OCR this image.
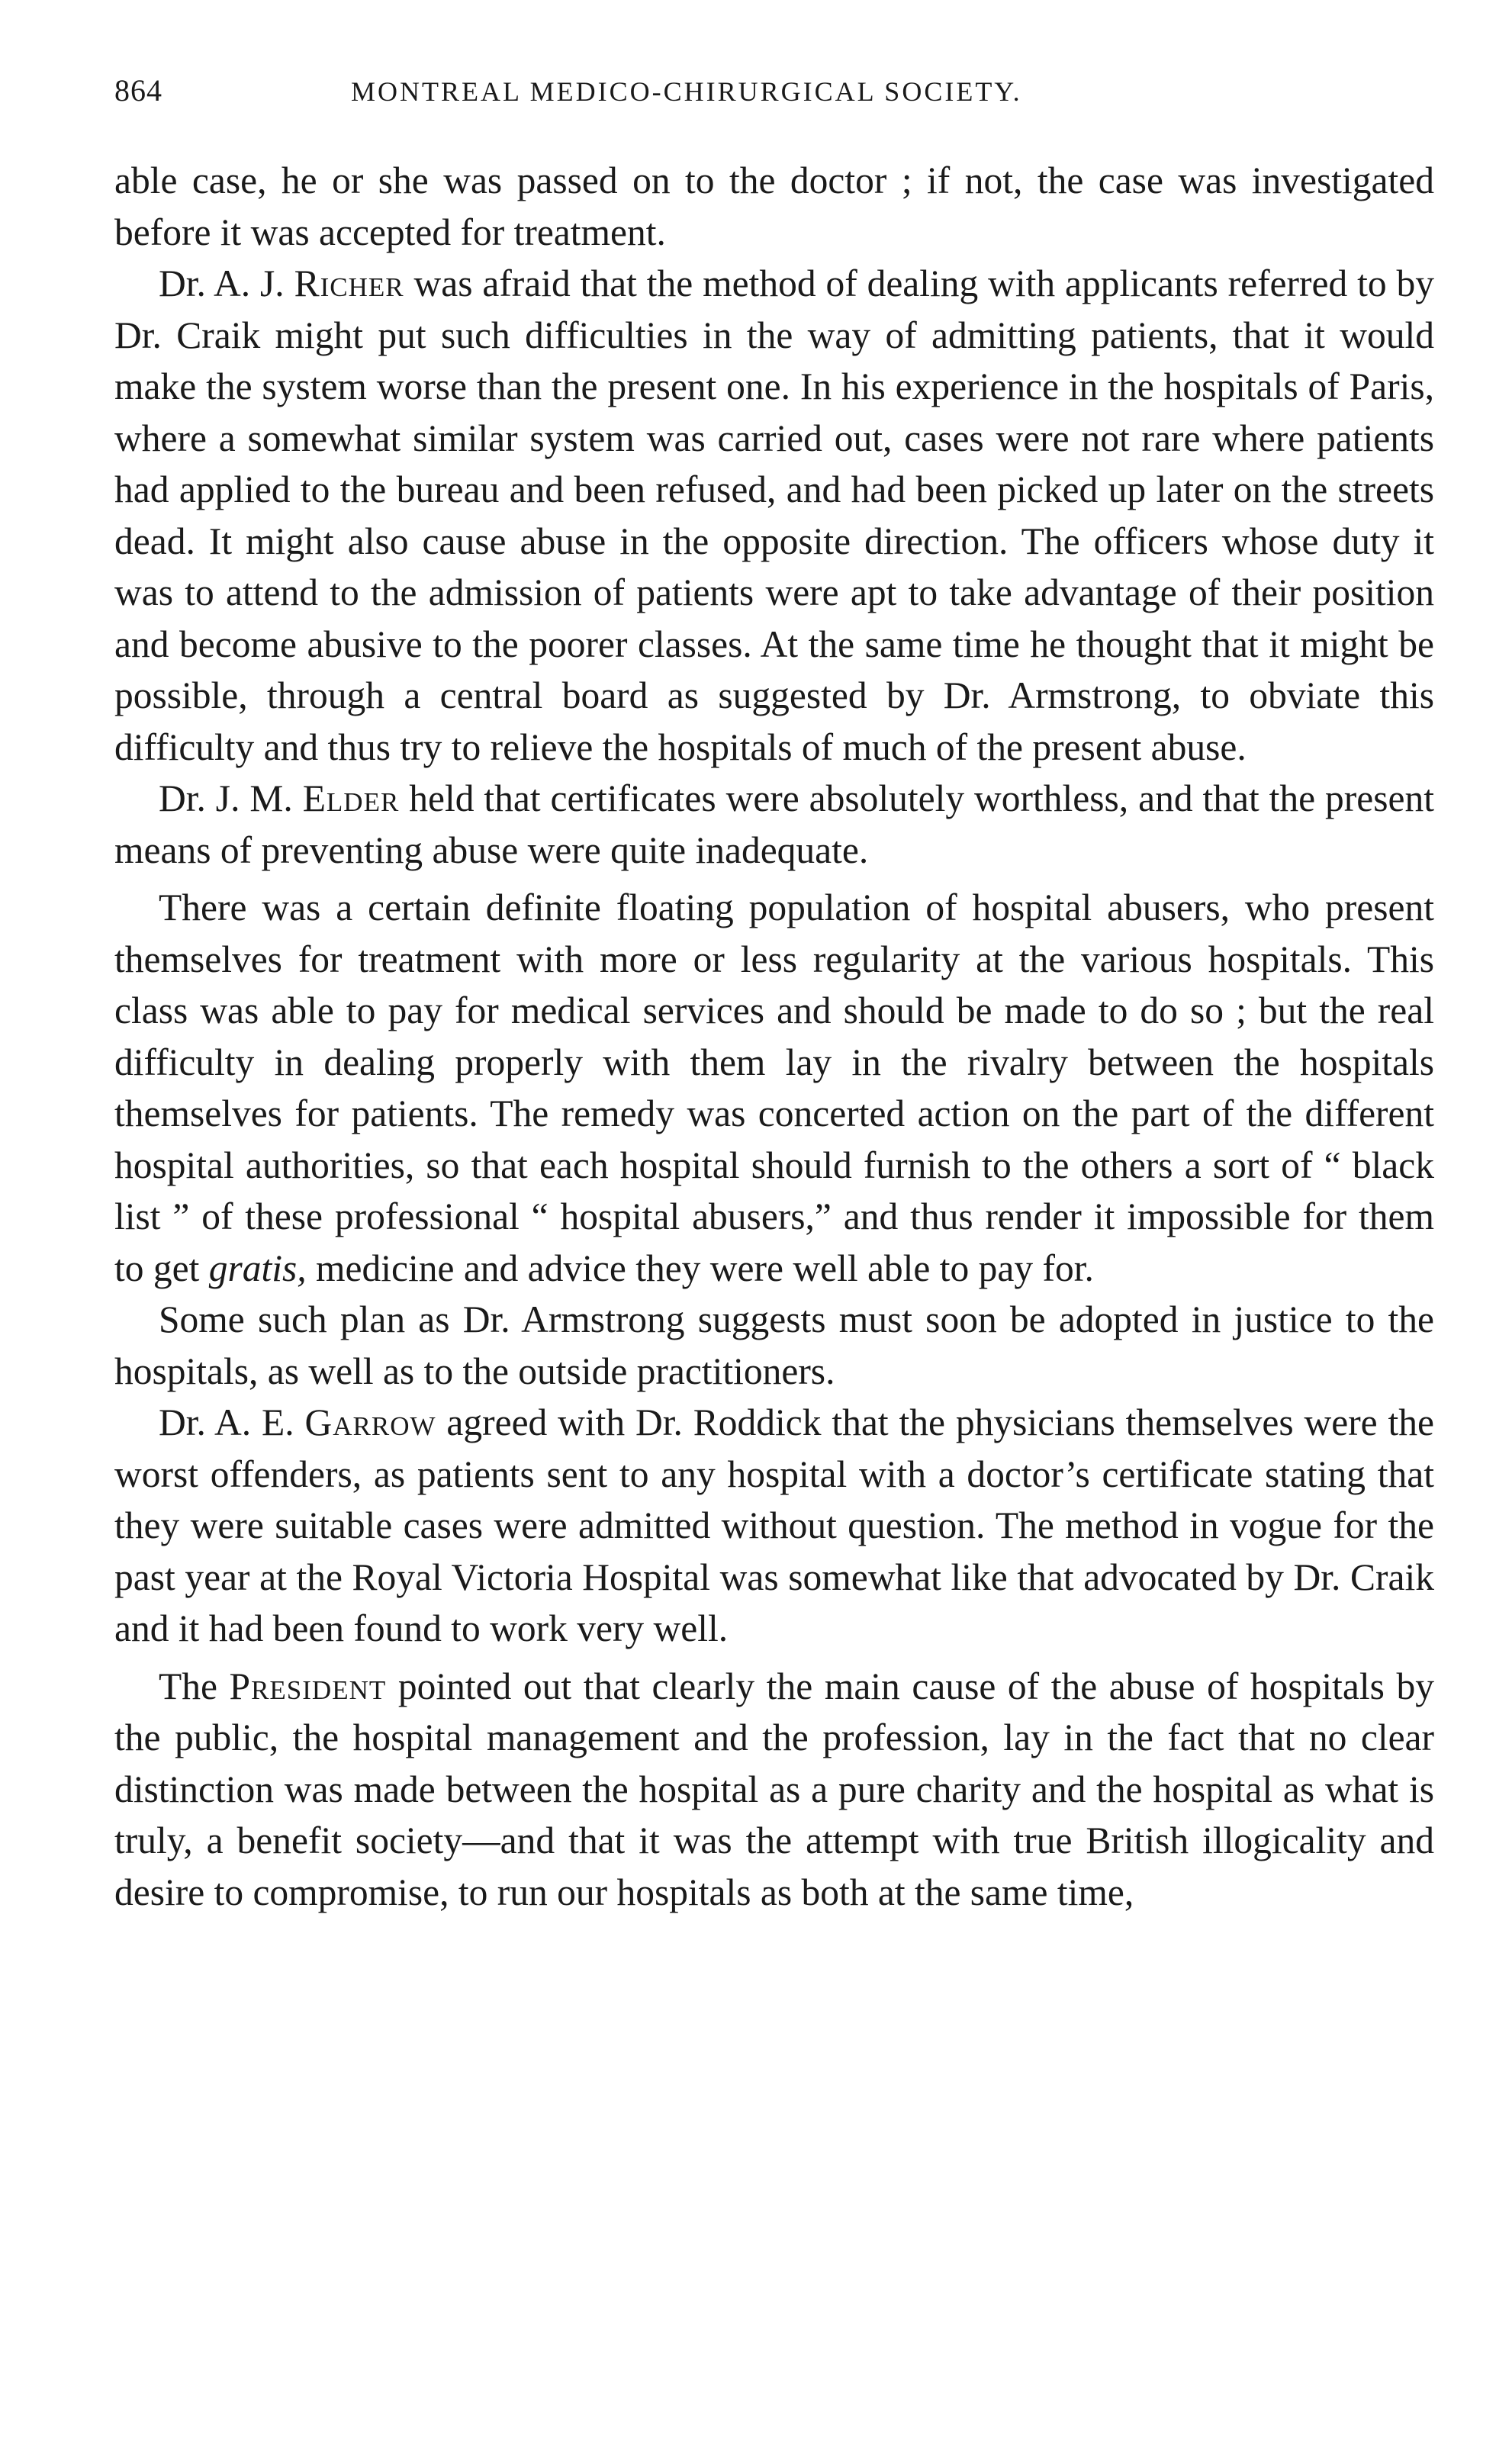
864	MONTREAL MEDICO-CHIRURGICAL SOCIETY.

able case, he or she was passed on to the doctor ; if not, the case was investigated before it was accepted for treatment.

Dr. A. J. Richer was afraid that the method of dealing with applicants referred to by Dr. Craik might put such difficulties in the way of admitting patients, that it would make the system worse than the present one. In his experience in the hospitals of Paris, where a somewhat similar system was carried out, cases were not rare where patients had applied to the bureau and been refused, and had been picked up later on the streets dead. It might also cause abuse in the opposite direction. The officers whose duty it was to attend to the admission of patients were apt to take advantage of their position and become abusive to the poorer classes. At the same time he thought that it might be possible, through a central board as suggested by Dr. Armstrong, to obviate this difficulty and thus try to relieve the hospitals of much of the present abuse.

Dr. J. M. Elder held that certificates were absolutely worthless, and that the present means of preventing abuse were quite inadequate.

There was a certain definite floating population of hospital abusers, who present themselves for treatment with more or less regularity at the various hospitals. This class was able to pay for medical services and should be made to do so ; but the real difficulty in dealing properly with them lay in the rivalry between the hospitals themselves for patients. The remedy was concerted action on the part of the different hospital authorities, so that each hospital should furnish to the others a sort of “ black list ” of these professional “ hospital abusers,” and thus render it impossible for them to get gratis, medicine and advice they were well able to pay for.

Some such plan as Dr. Armstrong suggests must soon be adopted in justice to the hospitals, as well as to the outside practitioners.

Dr. A. E. Garrow agreed with Dr. Roddick that the physicians themselves were the worst offenders, as patients sent to any hospital with a doctor’s certificate stating that they were suitable cases were admitted without question. The method in vogue for the past year at the Royal Victoria Hospital was somewhat like that advocated by Dr. Craik and it had been found to work very well.

The President pointed out that clearly the main cause of the abuse of hospitals by the public, the hospital management and the profession, lay in the fact that no clear distinction was made between the hospital as a pure charity and the hospital as what is truly, a benefit society—and that it was the attempt with true British illogicality and desire to compromise, to run our hospitals as both at the same time,
